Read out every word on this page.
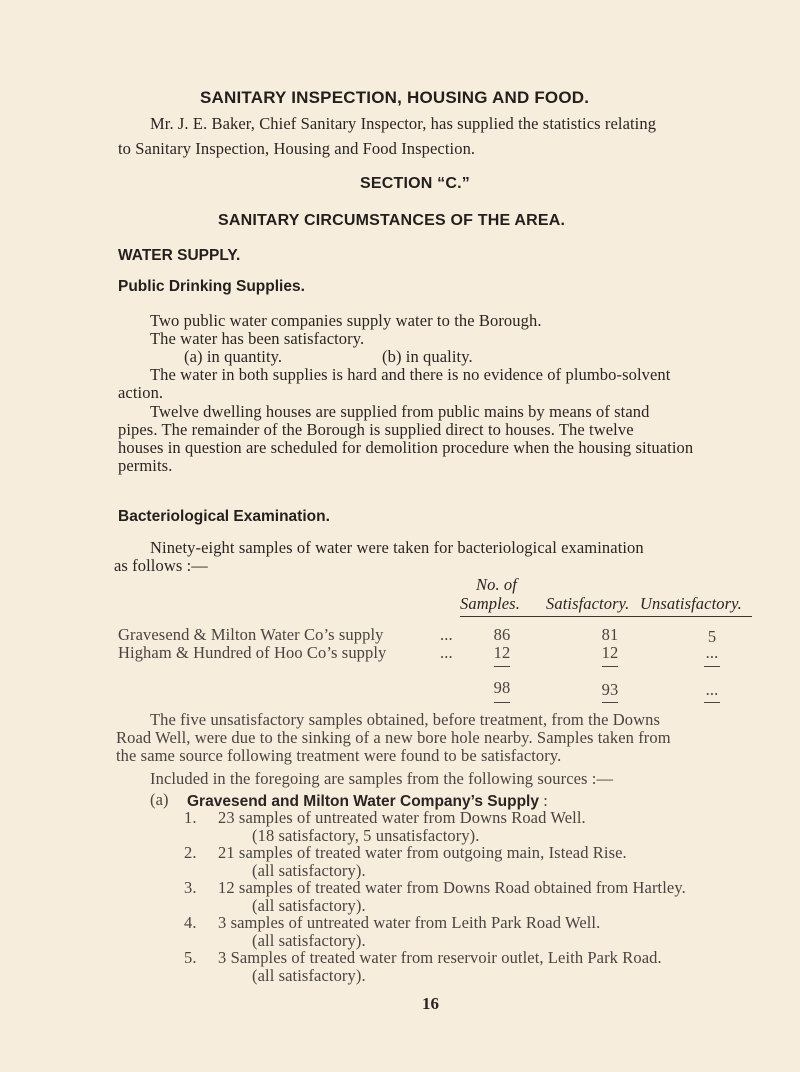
SANITARY INSPECTION, HOUSING AND FOOD.
Mr. J. E. Baker, Chief Sanitary Inspector, has supplied the statistics relating
to Sanitary Inspection, Housing and Food Inspection.
SECTION “C.”
SANITARY CIRCUMSTANCES OF THE AREA.
WATER SUPPLY.
Public Drinking Supplies.
Two public water companies supply water to the Borough.
The water has been satisfactory.
(a) in quantity.	(b) in quality.
The water in both supplies is hard and there is no evidence of plumbo-solvent
action.
Twelve dwelling houses are supplied from public mains by means of stand
pipes. The remainder of the Borough is supplied direct to houses. The twelve
houses in question are scheduled for demolition procedure when the housing situation
permits.
Bacteriological Examination.
Ninety-eight samples of water were taken for bacteriological examination
as follows :—
No. of
Samples. Satisfactory. Unsatisfactory.
Gravesend & Milton Water Co’s supply	...	86	81	5
Higham & Hundred of Hoo Co’s supply	...	12	12	...
98	93	...
The five unsatisfactory samples obtained, before treatment, from the Downs
Road Well, were due to the sinking of a new bore hole nearby. Samples taken from
the same source following treatment were found to be satisfactory.
Included in the foregoing are samples from the following sources :—
(a) Gravesend and Milton Water Company’s Supply :
1. 23 samples of untreated water from Downs Road Well.
(18 satisfactory, 5 unsatisfactory).
2. 21 samples of treated water from outgoing main, Istead Rise.
(all satisfactory).
3. 12 samples of treated water from Downs Road obtained from Hartley.
(all satisfactory).
4. 3 samples of untreated water from Leith Park Road Well.
(all satisfactory).
5. 3 Samples of treated water from reservoir outlet, Leith Park Road.
(all satisfactory).
16
